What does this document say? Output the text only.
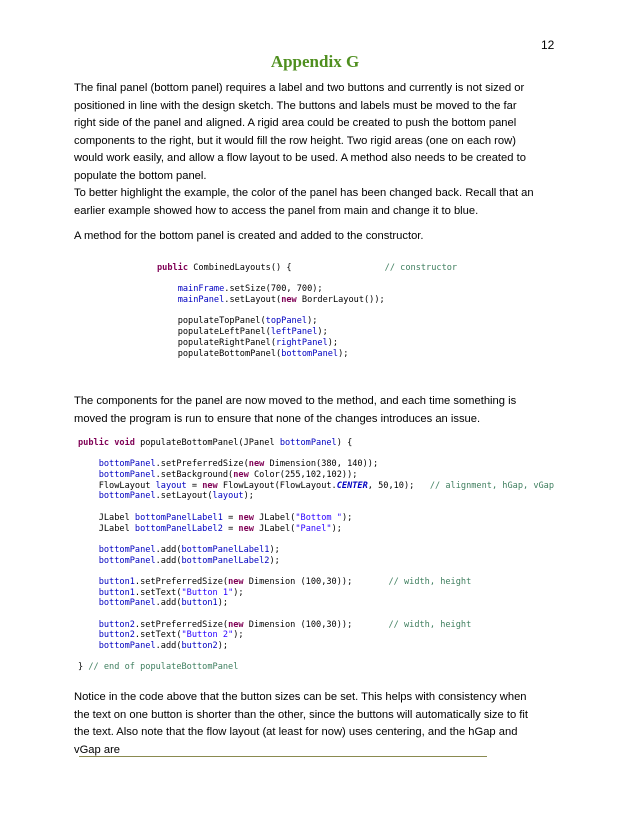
12
Appendix G

The final panel (bottom panel) requires a label and two buttons and currently is not sized or positioned in line with the design sketch. The buttons and labels must be moved to the far right side of the panel and aligned. A rigid area could be created to push the bottom panel components to the right, but it would fill the row height. Two rigid areas (one on each row) would work easily, and allow a flow layout to be used. A method also needs to be created to populate the bottom panel.

To better highlight the example, the color of the panel has been changed back. Recall that an earlier example showed how to access the panel from main and change it to blue.

A method for the bottom panel is created and added to the constructor.

public CombinedLayouts() {                  // constructor

mainFrame.setSize(700, 700);
mainPanel.setLayout(new BorderLayout());

populateTopPanel(topPanel);
populateLeftPanel(leftPanel);
populateRightPanel(rightPanel);
populateBottomPanel(bottomPanel);

The components for the panel are now moved to the method, and each time something is moved the program is run to ensure that none of the changes introduces an issue.

public void populateBottomPanel(JPanel bottomPanel) {

bottomPanel.setPreferredSize(new Dimension(380, 140));
bottomPanel.setBackground(new Color(255,102,102));
FlowLayout layout = new FlowLayout(FlowLayout.CENTER, 50,10);   // alignment, hGap, vGap
bottomPanel.setLayout(layout);

JLabel bottomPanelLabel1 = new JLabel("Bottom ");
JLabel bottomPanelLabel2 = new JLabel("Panel");

bottomPanel.add(bottomPanelLabel1);
bottomPanel.add(bottomPanelLabel2);

button1.setPreferredSize(new Dimension (100,30));       // width, height
button1.setText("Button 1");
bottomPanel.add(button1);

button2.setPreferredSize(new Dimension (100,30));       // width, height
button2.setText("Button 2");
bottomPanel.add(button2);

} // end of populateBottomPanel

Notice in the code above that the button sizes can be set. This helps with consistency when the text on one button is shorter than the other, since the buttons will automatically size to fit the text. Also note that the flow layout (at least for now) uses centering, and the hGap and vGap are
